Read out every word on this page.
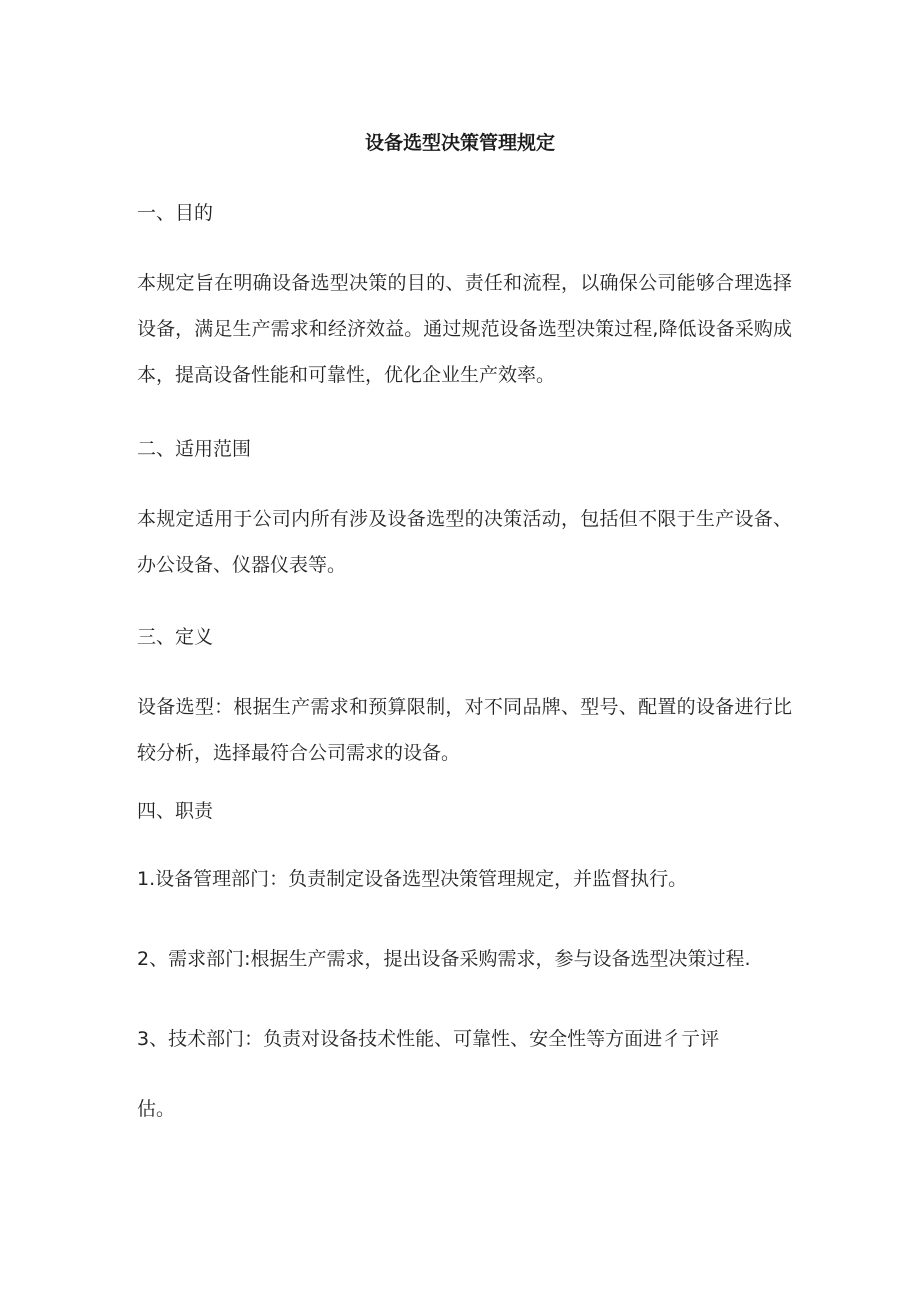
设备选型决策管理规定
一、目的
本规定旨在明确设备选型决策的目的、责任和流程，以确保公司能够合理选择设备，满足生产需求和经济效益。通过规范设备选型决策过程,降低设备采购成本，提高设备性能和可靠性，优化企业生产效率。
二、适用范围
本规定适用于公司内所有涉及设备选型的决策活动，包括但不限于生产设备、办公设备、仪器仪表等。
三、定义
设备选型：根据生产需求和预算限制，对不同品牌、型号、配置的设备进行比较分析，选择最符合公司需求的设备。
四、职责
1.设备管理部门：负责制定设备选型决策管理规定，并监督执行。
2、需求部门:根据生产需求，提出设备采购需求，参与设备选型决策过程.
3、技术部门：负责对设备技术性能、可靠性、安全性等方面进彳亍评
估。
